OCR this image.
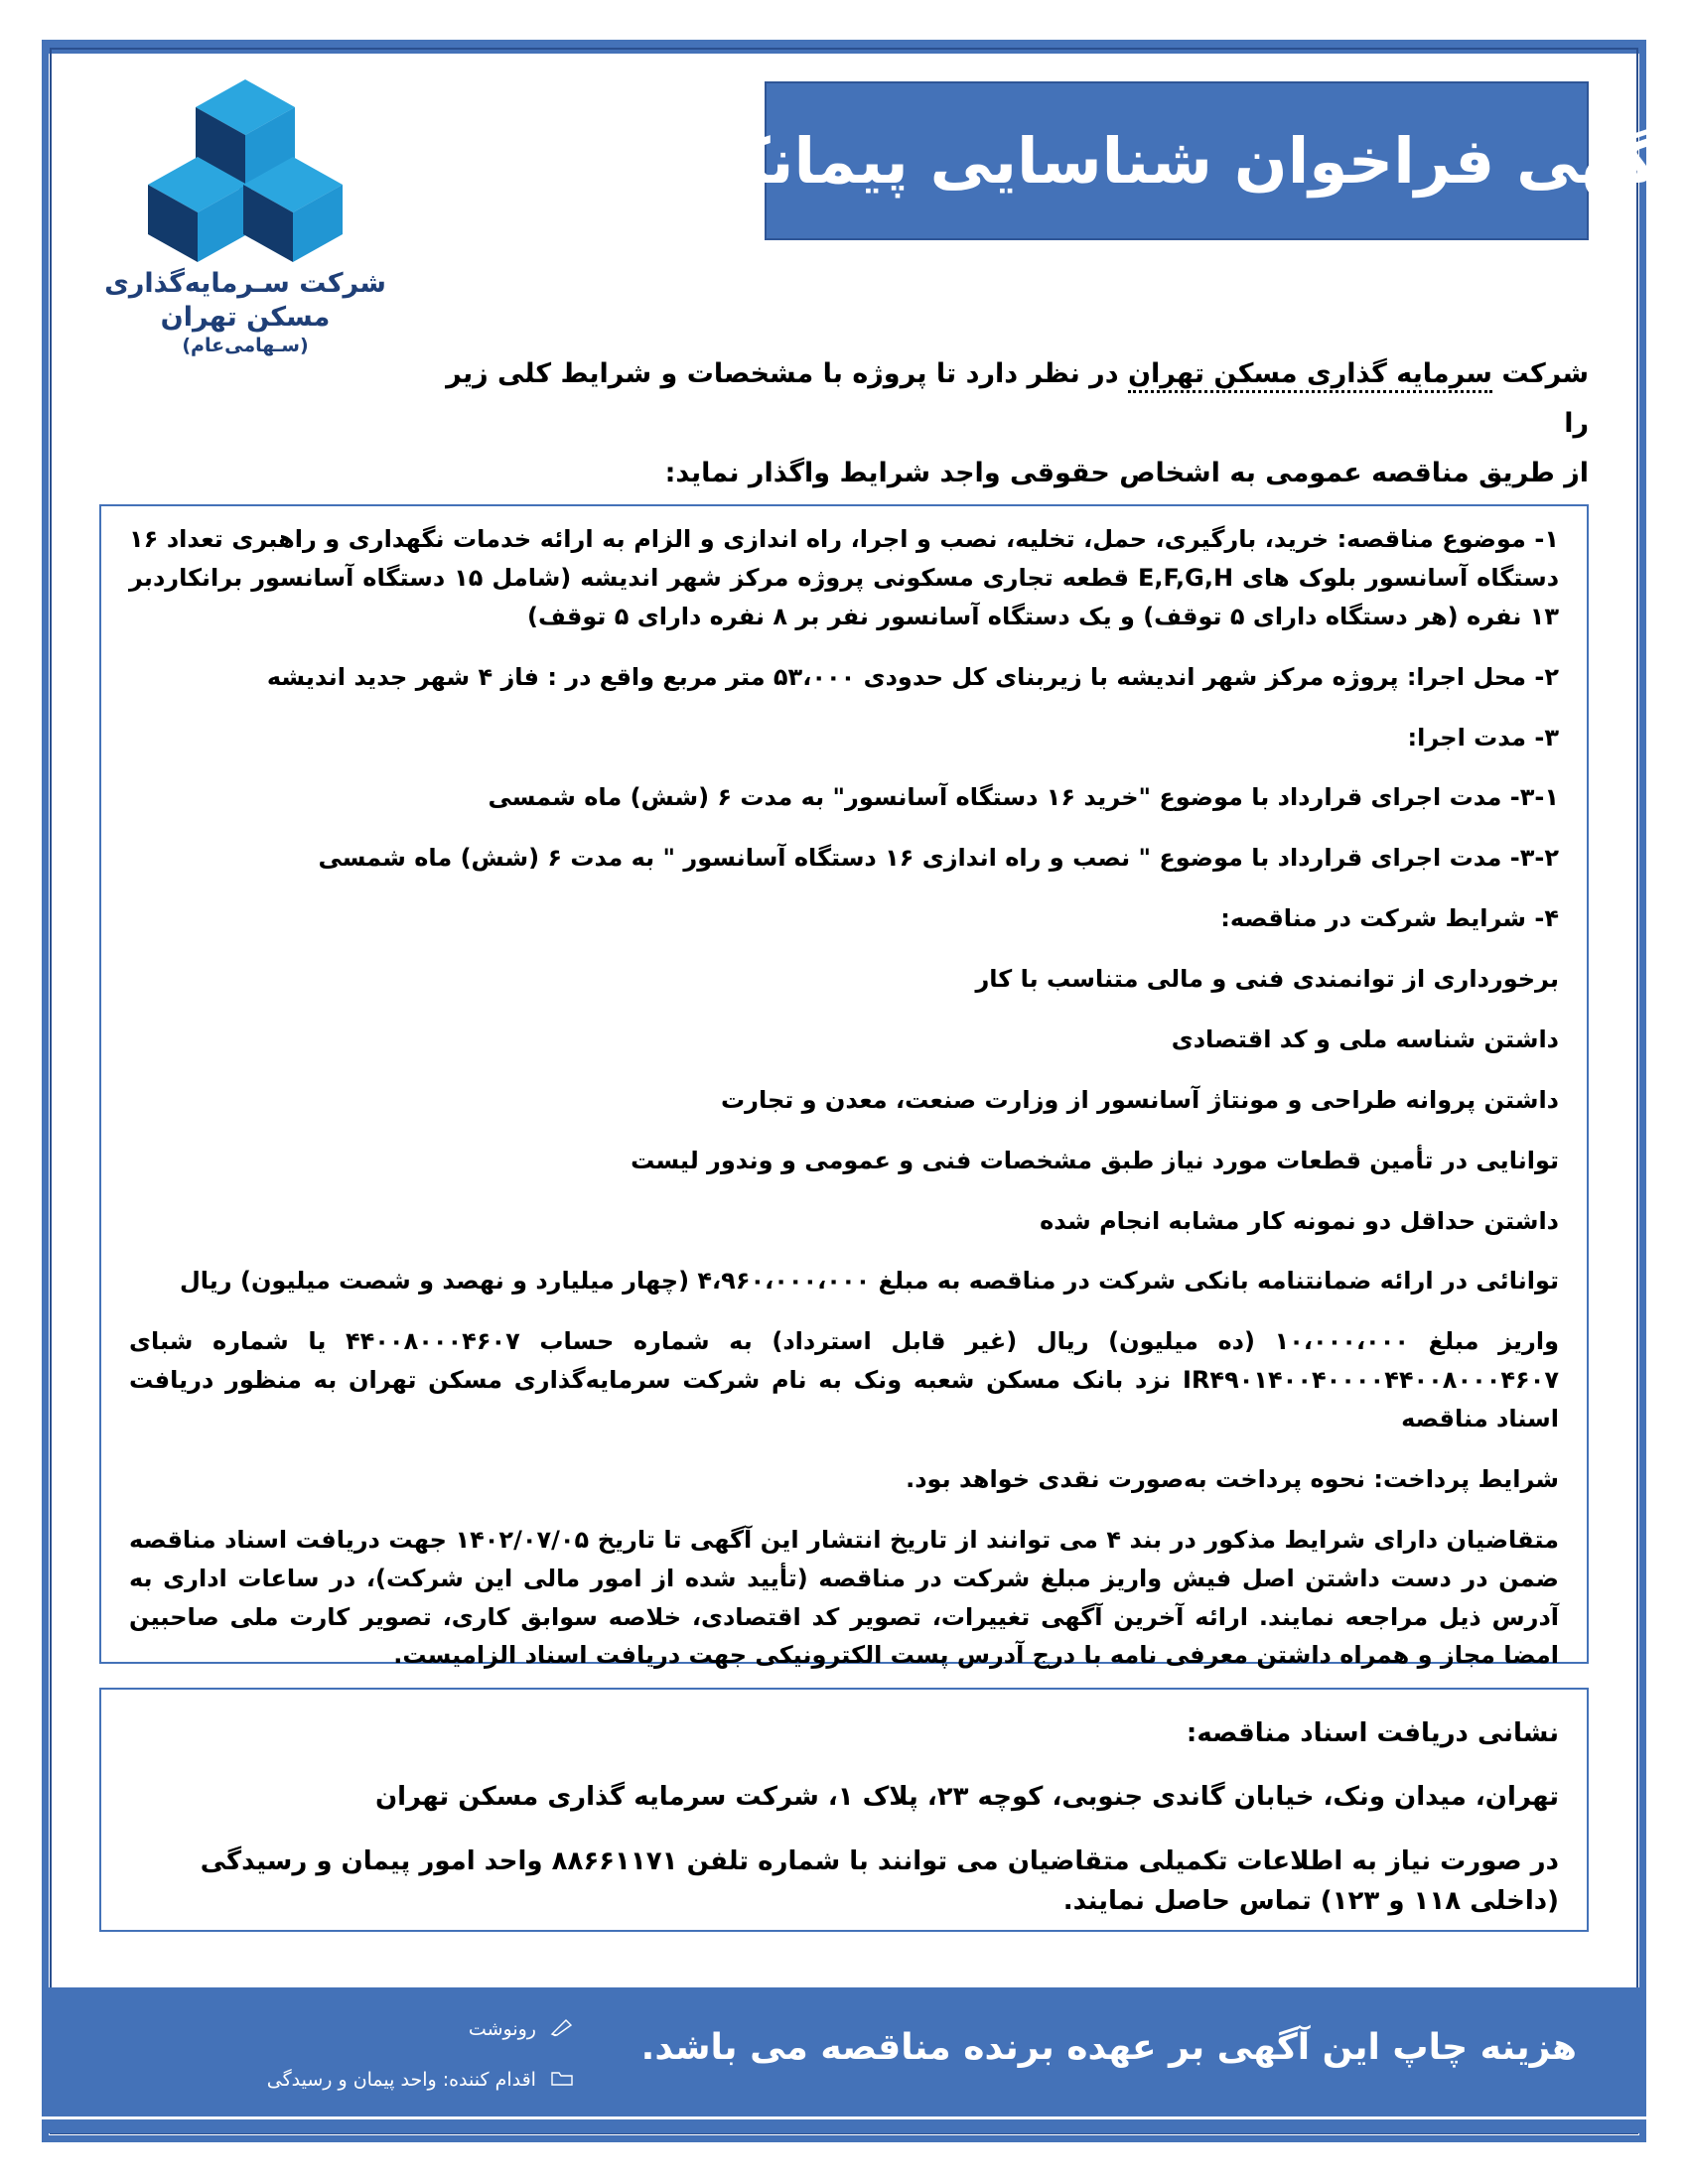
آگهی فراخوان شناسایی پیمانکار
شرکت سـرمایه‌گذاری
مسکن تهران
(سـهامی‌عام)
شرکت سرمایه گذاری مسکن تهران در نظر دارد تا پروژه با مشخصات و شرایط کلی زیر را
از طریق مناقصه عمومی به اشخاص حقوقی واجد شرایط واگذار نماید:

۱- موضوع مناقصه: خرید، بارگیری، حمل، تخلیه، نصب و اجرا، راه اندازی و الزام به ارائه خدمات نگهداری و راهبری تعداد ۱۶ دستگاه آسانسور بلوک های E,F,G,H قطعه تجاری مسکونی پروژه مرکز شهر اندیشه (شامل ۱۵ دستگاه آسانسور برانکاردبر ۱۳ نفره (هر دستگاه دارای ۵ توقف) و یک دستگاه آسانسور نفر بر ۸ نفره دارای ۵ توقف)

۲- محل اجرا: پروژه مرکز شهر اندیشه با زیربنای کل حدودی ۵۳،۰۰۰ متر مربع واقع در : فاز ۴ شهر جدید اندیشه

۳- مدت اجرا:

۳-۱- مدت اجرای قرارداد با موضوع "خرید ۱۶ دستگاه آسانسور" به مدت ۶ (شش) ماه شمسی

۳-۲- مدت اجرای قرارداد با موضوع " نصب و راه اندازی ۱۶ دستگاه آسانسور " به مدت ۶ (شش) ماه شمسی

۴- شرایط شرکت در مناقصه:

برخورداری از توانمندی فنی و مالی متناسب با کار

داشتن شناسه ملی و کد اقتصادی

داشتن پروانه طراحی و مونتاژ آسانسور از وزارت صنعت، معدن و تجارت

توانایی در تأمین قطعات مورد نیاز طبق مشخصات فنی و عمومی و وندور لیست

داشتن حداقل دو نمونه کار مشابه انجام شده

توانائی در ارائه ضمانتنامه بانکی شرکت در مناقصه به مبلغ ۴،۹۶۰،۰۰۰،۰۰۰ (چهار میلیارد و نهصد و شصت میلیون) ریال

واریز مبلغ ۱۰،۰۰۰،۰۰۰ (ده میلیون) ریال (غیر قابل استرداد) به شماره حساب ۴۴۰۰۸۰۰۰۴۶۰۷ یا شماره شبای IR۴۹۰۱۴۰۰۴۰۰۰۰۴۴۰۰۸۰۰۰۴۶۰۷ نزد بانک مسکن شعبه ونک به نام شرکت سرمایه‌گذاری مسکن تهران به منظور دریافت اسناد مناقصه

شرایط پرداخت: نحوه پرداخت به‌صورت نقدی خواهد بود.

متقاضیان دارای شرایط مذکور در بند ۴ می توانند از تاریخ انتشار این آگهی تا تاریخ ۱۴۰۲/۰۷/۰۵ جهت دریافت اسناد مناقصه ضمن در دست داشتن اصل فیش واریز مبلغ شرکت در مناقصه (تأیید شده از امور مالی این شرکت)، در ساعات اداری به آدرس ذیل مراجعه نمایند. ارائه آخرین آگهی تغییرات، تصویر کد اقتصادی، خلاصه سوابق کاری، تصویر کارت ملی صاحبین امضا مجاز و همراه داشتن معرفی نامه با درج آدرس پست الکترونیکی جهت دریافت اسناد الزامیست.

نشانی دریافت اسناد مناقصه:

تهران، میدان ونک، خیابان گاندی جنوبی، کوچه ۲۳، پلاک ۱، شرکت سرمایه گذاری مسکن تهران

در صورت نیاز به اطلاعات تکمیلی متقاضیان می توانند با شماره تلفن ۸۸۶۶۱۱۷۱ واحد امور پیمان و رسیدگی (داخلی ۱۱۸ و ۱۲۳) تماس حاصل نمایند.

هزینه چاپ این آگهی بر عهده برنده مناقصه می باشد.
رونوشت
اقدام کننده: واحد پیمان و رسیدگی
